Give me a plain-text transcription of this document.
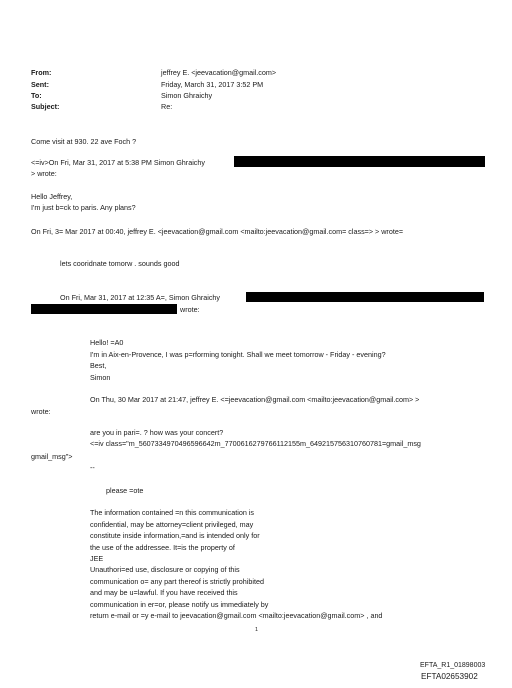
From:	jeffrey E. <jeevacation@gmail.com>
Sent:	Friday, March 31, 2017 3:52 PM
To:	Simon Ghraichy
Subject:	Re:
Come visit at 930. 22 ave Foch ?
<=iv>On Fri, Mar 31, 2017 at 5:38 PM Simon Ghraichy
> wrote:
Hello Jeffrey,
I'm just b=ck to paris. Any plans?
On Fri, 3= Mar 2017 at 00:40, jeffrey E. <jeevacation@gmail.com <mailto:jeevacation@gmail.com= class=> > wrote=
lets cooridnate tomorw . sounds good
On Fri, Mar 31, 2017 at 12:35 A=, Simon Ghraichy
wrote:
Hello! =A0
I'm in Aix-en-Provence, I was p=rforming tonight. Shall we meet tomorrow - Friday - evening?
Best,
Simon
On Thu, 30 Mar 2017 at 21:47, jeffrey E. <=jeevacation@gmail.com <mailto:jeevacation@gmail.com> >
wrote:
are you in pari=. ? how was your concert?
<=iv class="m_5607334970496596642m_7700616279766112155m_649215756310760781=gmail_msg
gmail_msg">
--
please =ote
The information contained =n this communication is
confidential, may be attorney=client privileged, may
constitute inside information,=and is intended only for
the use of the addressee. It=is the property of
JEE
Unauthori=ed use, disclosure or copying of this
communication o= any part thereof is strictly prohibited
and may be u=lawful. If you have received this
communication in er=or, please notify us immediately by
return e-mail or =y e-mail to jeevacation@gmail.com <mailto:jeevacation@gmail.com> , and
1
EFTA_R1_01898003
EFTA02653902
